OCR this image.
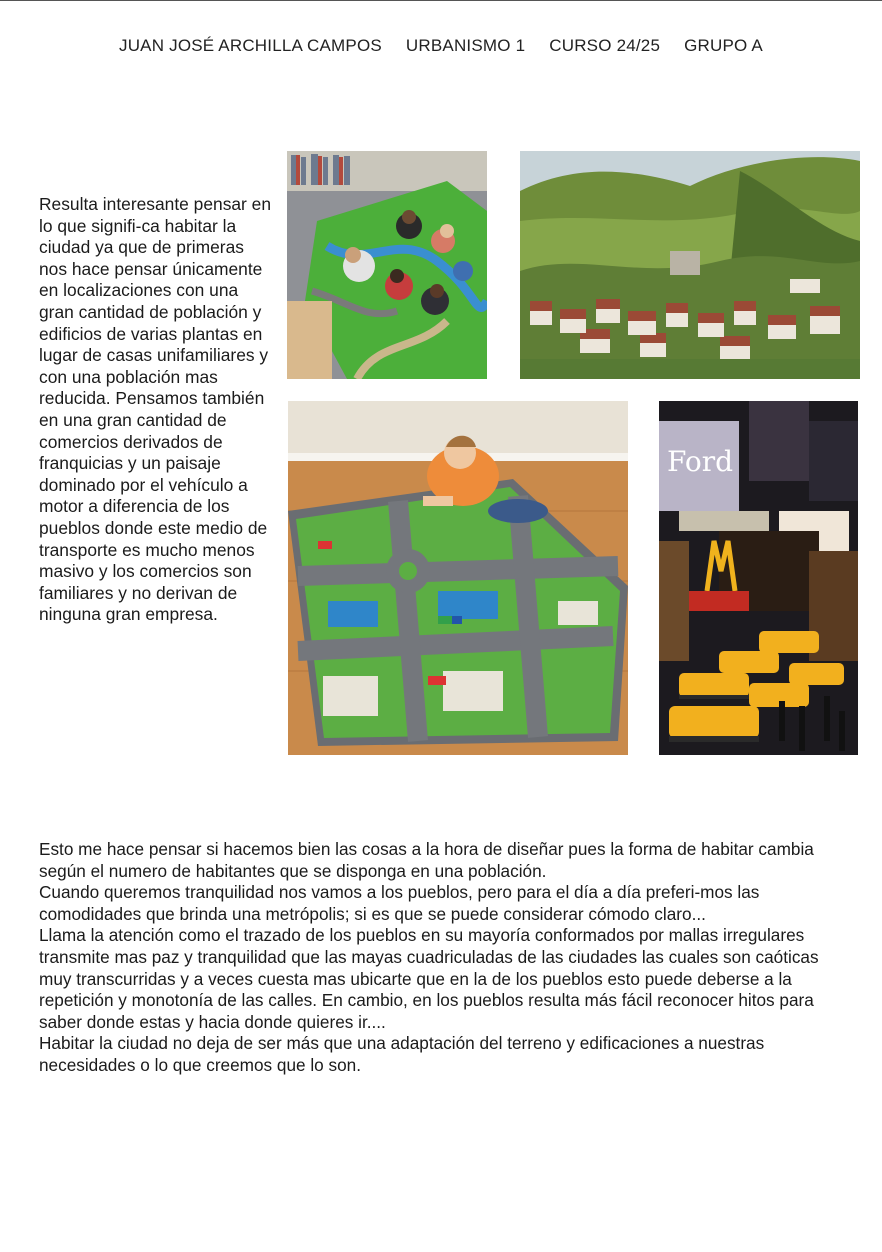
JUAN JOSÉ ARCHILLA CAMPOS URBANISMO 1 CURSO 24/25 GRUPO A

Resulta interesante pensar en lo que signifi-ca habitar la ciudad ya que de primeras nos hace pensar únicamente en localizaciones con una gran cantidad de población y edificios de varias plantas en lugar de casas unifamiliares y con una población mas reducida. Pensamos también en una gran cantidad de comercios derivados de franquicias y un paisaje dominado por el vehículo a motor a diferencia de los pueblos donde este medio de transporte es mucho menos masivo y los comercios son familiares y no derivan de ninguna gran empresa.

Ford

Esto me hace pensar si hacemos bien las cosas a la hora de diseñar pues la forma de habitar cambia según el numero de habitantes que se disponga en una población.

Cuando queremos tranquilidad nos vamos a los pueblos, pero para el día a día preferi-mos las comodidades que brinda una metrópolis; si es que se puede considerar cómodo claro...

Llama la atención como el trazado de los pueblos en su mayoría conformados por mallas irregulares transmite mas paz y tranquilidad que las mayas cuadriculadas de las ciudades las cuales son caóticas muy transcurridas y a veces cuesta mas ubicarte que en la de los pueblos esto puede deberse a la repetición y monotonía de las calles. En cambio, en los pueblos resulta más fácil reconocer hitos para saber donde estas y hacia donde quieres ir....

Habitar la ciudad no deja de ser más que una adaptación del terreno y edificaciones a nuestras necesidades o lo que creemos que lo son.
